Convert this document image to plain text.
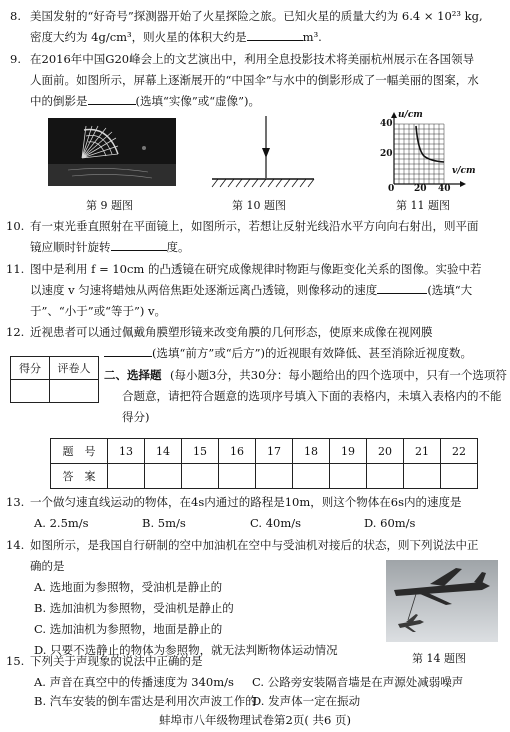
8. 美国发射的“好奇号”探测器开始了火星探险之旅。已知火星的质量大约为 6.4 × 10²³ kg,
密度大约为 4g/cm³，则火星的体积大约是	m³.
9. 在2016年中国G20峰会上的文艺演出中，利用全息投影技术将美丽杭州展示在各国领导
人面前。如图所示，屏幕上逐渐展开的“中国伞”与水中的倒影形成了一幅美丽的图案，水
中的倒影是	(选填“实像”或“虚像”)。
第 9 题图	第 10 题图
u/cm
v/cm
40
20
0 20 40
第 11 题图
10. 有一束光垂直照射在平面镜上，如图所示，若想让反射光线沿水平方向向右射出，则平面
镜应顺时针旋转	度。
11. 图中是利用 f = 10cm 的凸透镜在研究成像规律时物距与像距变化关系的图像。实验中若
以速度 v 匀速将蜡烛从两倍焦距处逐渐远离凸透镜，则像移动的速度	(选填“大
于”、“小于”或“等于”) v。
12. 近视患者可以通过佩戴角膜塑形镜来改变角膜的几何形态，使原来成像在视网膜
(选填“前方”或“后方”)的近视眼有效降低、甚至消除近视度数。
得分	评卷人
	二、选择题 (每小题3分，共30分：每小题给出的四个选项中，只有一个选项符
合题意，请把符合题意的选项序号填入下面的表格内，未填入表格内的不能
得分)
题　号	13	14	15	16	17	18	19	20	21	22
答　案										
13. 一个做匀速直线运动的物体，在4s内通过的路程是10m，则这个物体在6s内的速度是
A. 2.5m/s	B. 5m/s	C. 40m/s	D. 60m/s
14. 如图所示，是我国自行研制的空中加油机在空中与受油机对接后的状态，则下列说法中正
确的是
A. 选地面为参照物，受油机是静止的
B. 选加油机为参照物，受油机是静止的
C. 选加油机为参照物，地面是静止的
D. 只要不选静止的物体为参照物，就无法判断物体运动情况
第 14 题图
15. 下列关于声现象的说法中正确的是
A. 声音在真空中的传播速度为 340m/s
B. 汽车安装的倒车雷达是利用次声波工作的
C. 公路旁安装隔音墙是在声源处减弱噪声
D. 发声体一定在振动
蚌埠市八年级物理试卷第2页( 共6 页)
